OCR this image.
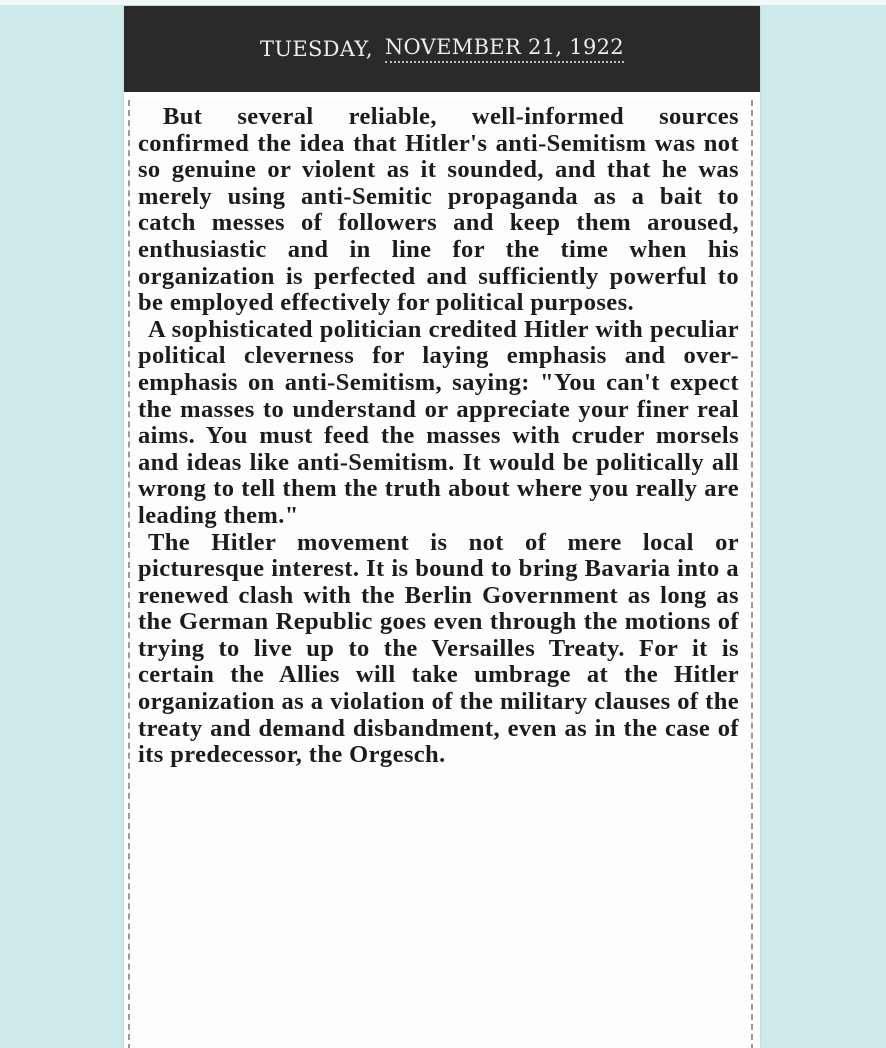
TUESDAY, NOVEMBER 21, 1922

But several reliable, well-informed sources confirmed the idea that Hitler's anti-Semitism was not so genuine or violent as it sounded, and that he was merely using anti-Semitic propaganda as a bait to catch messes of followers and keep them aroused, enthusiastic and in line for the time when his organization is perfected and sufficiently powerful to be employed effectively for political purposes.

A sophisticated politician credited Hitler with peculiar political cleverness for laying emphasis and over-emphasis on anti-Semitism, saying: "You can't expect the masses to understand or appreciate your finer real aims. You must feed the masses with cruder morsels and ideas like anti-Semitism. It would be politically all wrong to tell them the truth about where you really are leading them."

The Hitler movement is not of mere local or picturesque interest. It is bound to bring Bavaria into a renewed clash with the Berlin Government as long as the German Republic goes even through the motions of trying to live up to the Versailles Treaty. For it is certain the Allies will take umbrage at the Hitler organization as a violation of the military clauses of the treaty and demand disbandment, even as in the case of its predecessor, the Orgesch.
